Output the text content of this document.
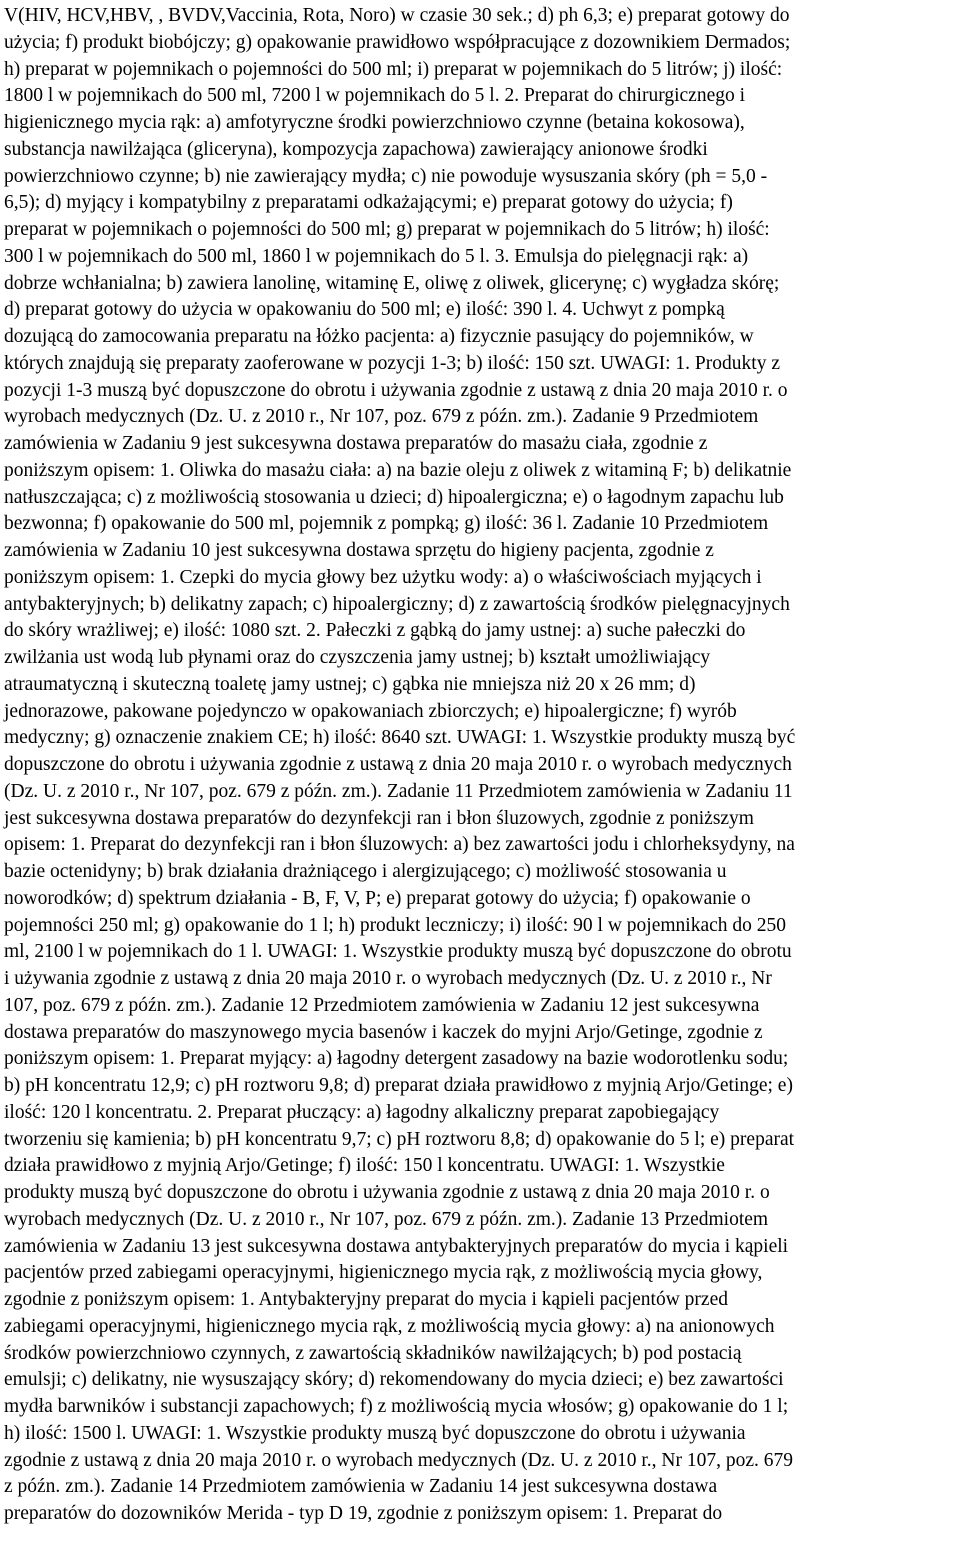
V(HIV, HCV,HBV, , BVDV,Vaccinia, Rota, Noro) w czasie 30 sek.; d) ph 6,3; e) preparat gotowy do
użycia; f) produkt biobójczy; g) opakowanie prawidłowo współpracujące z dozownikiem Dermados;
h) preparat w pojemnikach o pojemności do 500 ml; i) preparat w pojemnikach do 5 litrów; j) ilość:
1800 l w pojemnikach do 500 ml, 7200 l w pojemnikach do 5 l. 2. Preparat do chirurgicznego i
higienicznego mycia rąk: a) amfotyryczne środki powierzchniowo czynne (betaina kokosowa),
substancja nawilżająca (gliceryna), kompozycja zapachowa) zawierający anionowe środki
powierzchniowo czynne; b) nie zawierający mydła; c) nie powoduje wysuszania skóry (ph = 5,0 -
6,5); d) myjący i kompatybilny z preparatami odkażającymi; e) preparat gotowy do użycia; f)
preparat w pojemnikach o pojemności do 500 ml; g) preparat w pojemnikach do 5 litrów; h) ilość:
300 l w pojemnikach do 500 ml, 1860 l w pojemnikach do 5 l. 3. Emulsja do pielęgnacji rąk: a)
dobrze wchłanialna; b) zawiera lanolinę, witaminę E, oliwę z oliwek, glicerynę; c) wygładza skórę;
d) preparat gotowy do użycia w opakowaniu do 500 ml; e) ilość: 390 l. 4. Uchwyt z pompką
dozującą do zamocowania preparatu na łóżko pacjenta: a) fizycznie pasujący do pojemników, w
których znajdują się preparaty zaoferowane w pozycji 1-3; b) ilość: 150 szt. UWAGI: 1. Produkty z
pozycji 1-3 muszą być dopuszczone do obrotu i używania zgodnie z ustawą z dnia 20 maja 2010 r. o
wyrobach medycznych (Dz. U. z 2010 r., Nr 107, poz. 679 z późn. zm.). Zadanie 9 Przedmiotem
zamówienia w Zadaniu 9 jest sukcesywna dostawa preparatów do masażu ciała, zgodnie z
poniższym opisem: 1. Oliwka do masażu ciała: a) na bazie oleju z oliwek z witaminą F; b) delikatnie
natłuszczająca; c) z możliwością stosowania u dzieci; d) hipoalergiczna; e) o łagodnym zapachu lub
bezwonna; f) opakowanie do 500 ml, pojemnik z pompką; g) ilość: 36 l. Zadanie 10 Przedmiotem
zamówienia w Zadaniu 10 jest sukcesywna dostawa sprzętu do higieny pacjenta, zgodnie z
poniższym opisem: 1. Czepki do mycia głowy bez użytku wody: a) o właściwościach myjących i
antybakteryjnych; b) delikatny zapach; c) hipoalergiczny; d) z zawartością środków pielęgnacyjnych
do skóry wrażliwej; e) ilość: 1080 szt. 2. Pałeczki z gąbką do jamy ustnej: a) suche pałeczki do
zwilżania ust wodą lub płynami oraz do czyszczenia jamy ustnej; b) kształt umożliwiający
atraumatyczną i skuteczną toaletę jamy ustnej; c) gąbka nie mniejsza niż 20 x 26 mm; d)
jednorazowe, pakowane pojedynczo w opakowaniach zbiorczych; e) hipoalergiczne; f) wyrób
medyczny; g) oznaczenie znakiem CE; h) ilość: 8640 szt. UWAGI: 1. Wszystkie produkty muszą być
dopuszczone do obrotu i używania zgodnie z ustawą z dnia 20 maja 2010 r. o wyrobach medycznych
(Dz. U. z 2010 r., Nr 107, poz. 679 z późn. zm.). Zadanie 11 Przedmiotem zamówienia w Zadaniu 11
jest sukcesywna dostawa preparatów do dezynfekcji ran i błon śluzowych, zgodnie z poniższym
opisem: 1. Preparat do dezynfekcji ran i błon śluzowych: a) bez zawartości jodu i chlorheksydyny, na
bazie octenidyny; b) brak działania drażniącego i alergizującego; c) możliwość stosowania u
noworodków; d) spektrum działania - B, F, V, P; e) preparat gotowy do użycia; f) opakowanie o
pojemności 250 ml; g) opakowanie do 1 l; h) produkt leczniczy; i) ilość: 90 l w pojemnikach do 250
ml, 2100 l w pojemnikach do 1 l. UWAGI: 1. Wszystkie produkty muszą być dopuszczone do obrotu
i używania zgodnie z ustawą z dnia 20 maja 2010 r. o wyrobach medycznych (Dz. U. z 2010 r., Nr
107, poz. 679 z późn. zm.). Zadanie 12 Przedmiotem zamówienia w Zadaniu 12 jest sukcesywna
dostawa preparatów do maszynowego mycia basenów i kaczek do myjni Arjo/Getinge, zgodnie z
poniższym opisem: 1. Preparat myjący: a) łagodny detergent zasadowy na bazie wodorotlenku sodu;
b) pH koncentratu 12,9; c) pH roztworu 9,8; d) preparat działa prawidłowo z myjnią Arjo/Getinge; e)
ilość: 120 l koncentratu. 2. Preparat płuczący: a) łagodny alkaliczny preparat zapobiegający
tworzeniu się kamienia; b) pH koncentratu 9,7; c) pH roztworu 8,8; d) opakowanie do 5 l; e) preparat
działa prawidłowo z myjnią Arjo/Getinge; f) ilość: 150 l koncentratu. UWAGI: 1. Wszystkie
produkty muszą być dopuszczone do obrotu i używania zgodnie z ustawą z dnia 20 maja 2010 r. o
wyrobach medycznych (Dz. U. z 2010 r., Nr 107, poz. 679 z późn. zm.). Zadanie 13 Przedmiotem
zamówienia w Zadaniu 13 jest sukcesywna dostawa antybakteryjnych preparatów do mycia i kąpieli
pacjentów przed zabiegami operacyjnymi, higienicznego mycia rąk, z możliwością mycia głowy,
zgodnie z poniższym opisem: 1. Antybakteryjny preparat do mycia i kąpieli pacjentów przed
zabiegami operacyjnymi, higienicznego mycia rąk, z możliwością mycia głowy: a) na anionowych
środków powierzchniowo czynnych, z zawartością składników nawilżających; b) pod postacią
emulsji; c) delikatny, nie wysuszający skóry; d) rekomendowany do mycia dzieci; e) bez zawartości
mydła barwników i substancji zapachowych; f) z możliwością mycia włosów; g) opakowanie do 1 l;
h) ilość: 1500 l. UWAGI: 1. Wszystkie produkty muszą być dopuszczone do obrotu i używania
zgodnie z ustawą z dnia 20 maja 2010 r. o wyrobach medycznych (Dz. U. z 2010 r., Nr 107, poz. 679
z późn. zm.). Zadanie 14 Przedmiotem zamówienia w Zadaniu 14 jest sukcesywna dostawa
preparatów do dozowników Merida - typ D 19, zgodnie z poniższym opisem: 1. Preparat do
